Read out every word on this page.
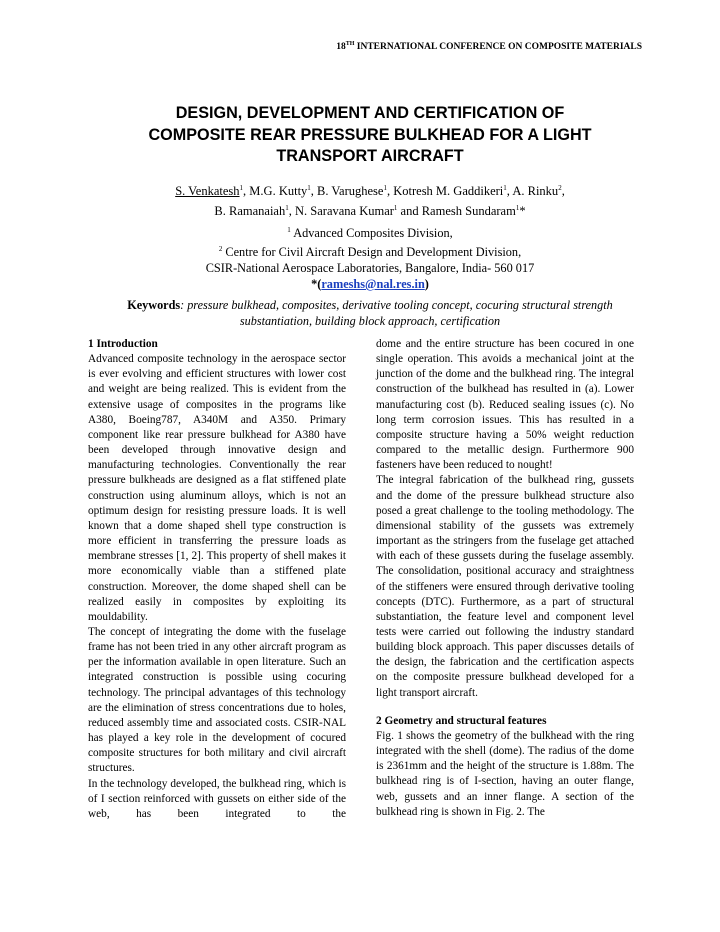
18TH INTERNATIONAL CONFERENCE ON COMPOSITE MATERIALS
DESIGN, DEVELOPMENT AND CERTIFICATION OF
COMPOSITE REAR PRESSURE BULKHEAD FOR A LIGHT
TRANSPORT AIRCRAFT
S. Venkatesh$^1$, M.G. Kutty$^1$, B. Varughese$^1$, Kotresh M. Gaddikeri$^1$, A. Rinku$^2$,
B. Ramanaiah$^1$, N. Saravana Kumar$^1$ and Ramesh Sundaram$^1$*
$^1$ Advanced Composites Division,
$^2$ Centre for Civil Aircraft Design and Development Division,
CSIR-National Aerospace Laboratories, Bangalore, India- 560 017
*(rameshs@nal.res.in)
Keywords: pressure bulkhead, composites, derivative tooling concept, cocuring structural strength substantiation, building block approach, certification

1 Introduction

Advanced composite technology in the aerospace sector is ever evolving and efficient structures with lower cost and weight are being realized. This is evident from the extensive usage of composites in the programs like A380, Boeing787, A340M and A350. Primary component like rear pressure bulkhead for A380 have been developed through innovative design and manufacturing technologies. Conventionally the rear pressure bulkheads are designed as a flat stiffened plate construction using aluminum alloys, which is not an optimum design for resisting pressure loads. It is well known that a dome shaped shell type construction is more efficient in transferring the pressure loads as membrane stresses [1, 2]. This property of shell makes it more economically viable than a stiffened plate construction. Moreover, the dome shaped shell can be realized easily in composites by exploiting its mouldability.

The concept of integrating the dome with the fuselage frame has not been tried in any other aircraft program as per the information available in open literature. Such an integrated construction is possible using cocuring technology. The principal advantages of this technology are the elimination of stress concentrations due to holes, reduced assembly time and associated costs. CSIR-NAL has played a key role in the development of cocured composite structures for both military and civil aircraft structures.

In the technology developed, the bulkhead ring, which is of I section reinforced with gussets on either side of the web, has been integrated to the

dome and the entire structure has been cocured in one single operation. This avoids a mechanical joint at the junction of the dome and the bulkhead ring. The integral construction of the bulkhead has resulted in (a). Lower manufacturing cost (b). Reduced sealing issues (c). No long term corrosion issues. This has resulted in a composite structure having a 50% weight reduction compared to the metallic design. Furthermore 900 fasteners have been reduced to nought!

The integral fabrication of the bulkhead ring, gussets and the dome of the pressure bulkhead structure also posed a great challenge to the tooling methodology. The dimensional stability of the gussets was extremely important as the stringers from the fuselage get attached with each of these gussets during the fuselage assembly. The consolidation, positional accuracy and straightness of the stiffeners were ensured through derivative tooling concepts (DTC). Furthermore, as a part of structural substantiation, the feature level and component level tests were carried out following the industry standard building block approach. This paper discusses details of the design, the fabrication and the certification aspects on the composite pressure bulkhead developed for a light transport aircraft.

2 Geometry and structural features

Fig. 1 shows the geometry of the bulkhead with the ring integrated with the shell (dome). The radius of the dome is 2361mm and the height of the structure is 1.88m. The bulkhead ring is of I-section, having an outer flange, web, gussets and an inner flange. A section of the bulkhead ring is shown in Fig. 2. The
